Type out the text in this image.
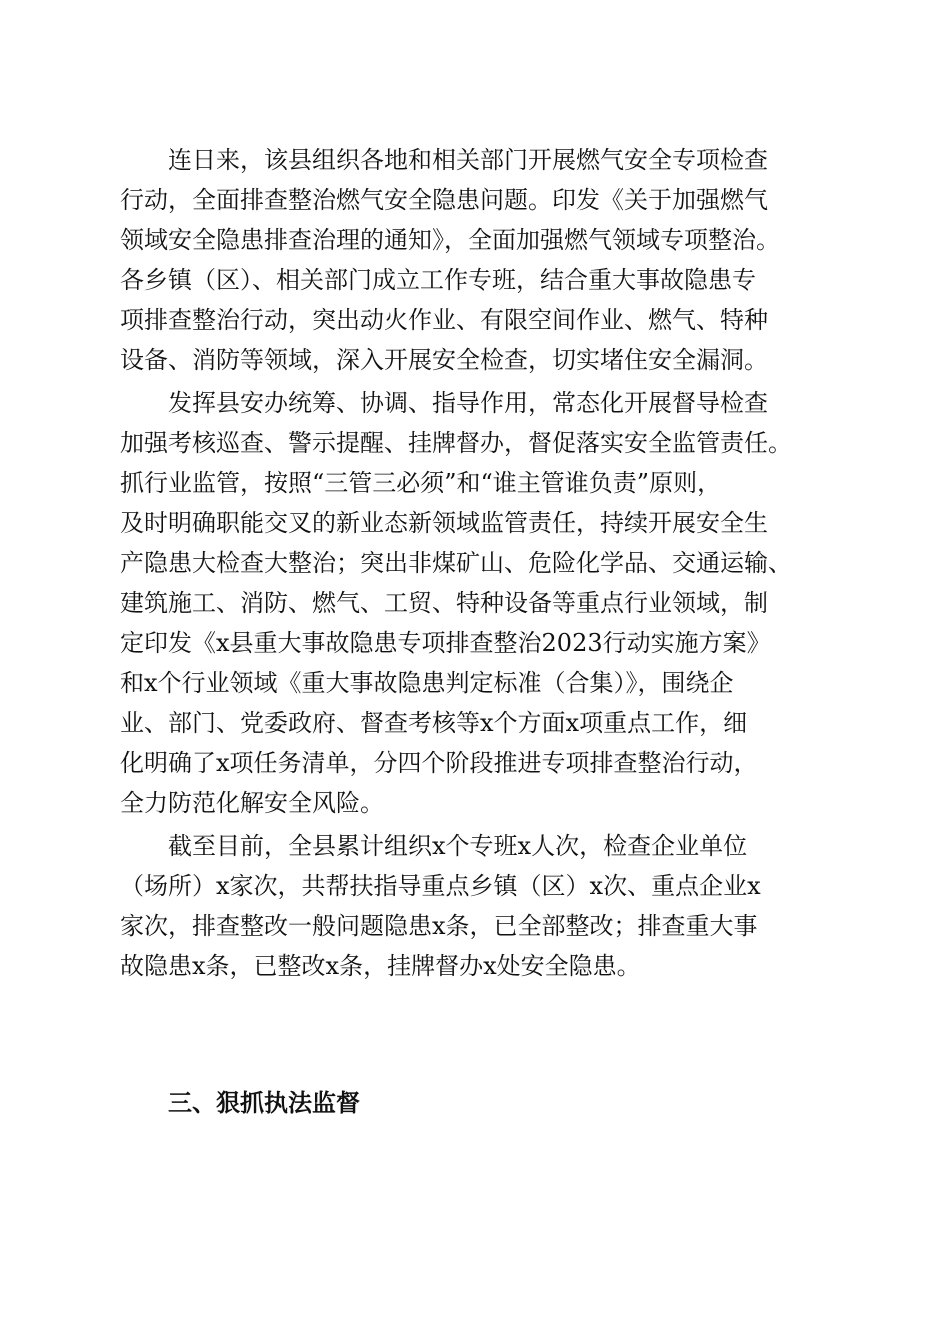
连日来，该县组织各地和相关部门开展燃气安全专项检查
行动，全面排查整治燃气安全隐患问题。印发《关于加强燃气
领域安全隐患排查治理的通知》，全面加强燃气领域专项整治。
各乡镇（区）、相关部门成立工作专班，结合重大事故隐患专
项排查整治行动，突出动火作业、有限空间作业、燃气、特种
设备、消防等领域，深入开展安全检查，切实堵住安全漏洞。
发挥县安办统筹、协调、指导作用，常态化开展督导检查
加强考核巡查、警示提醒、挂牌督办，督促落实安全监管责任。
抓行业监管，按照“三管三必须”和“谁主管谁负责”原则，
及时明确职能交叉的新业态新领域监管责任，持续开展安全生
产隐患大检查大整治；突出非煤矿山、危险化学品、交通运输、
建筑施工、消防、燃气、工贸、特种设备等重点行业领域，制
定印发《x县重大事故隐患专项排查整治2023行动实施方案》
和x个行业领域《重大事故隐患判定标准（合集）》，围绕企
业、部门、党委政府、督查考核等x个方面x项重点工作，细
化明确了x项任务清单，分四个阶段推进专项排查整治行动，
全力防范化解安全风险。
截至目前，全县累计组织x个专班x人次，检查企业单位
（场所）x家次，共帮扶指导重点乡镇（区）x次、重点企业x
家次，排查整改一般问题隐患x条，已全部整改；排查重大事
故隐患x条，已整改x条，挂牌督办x处安全隐患。
三、狠抓执法监督
